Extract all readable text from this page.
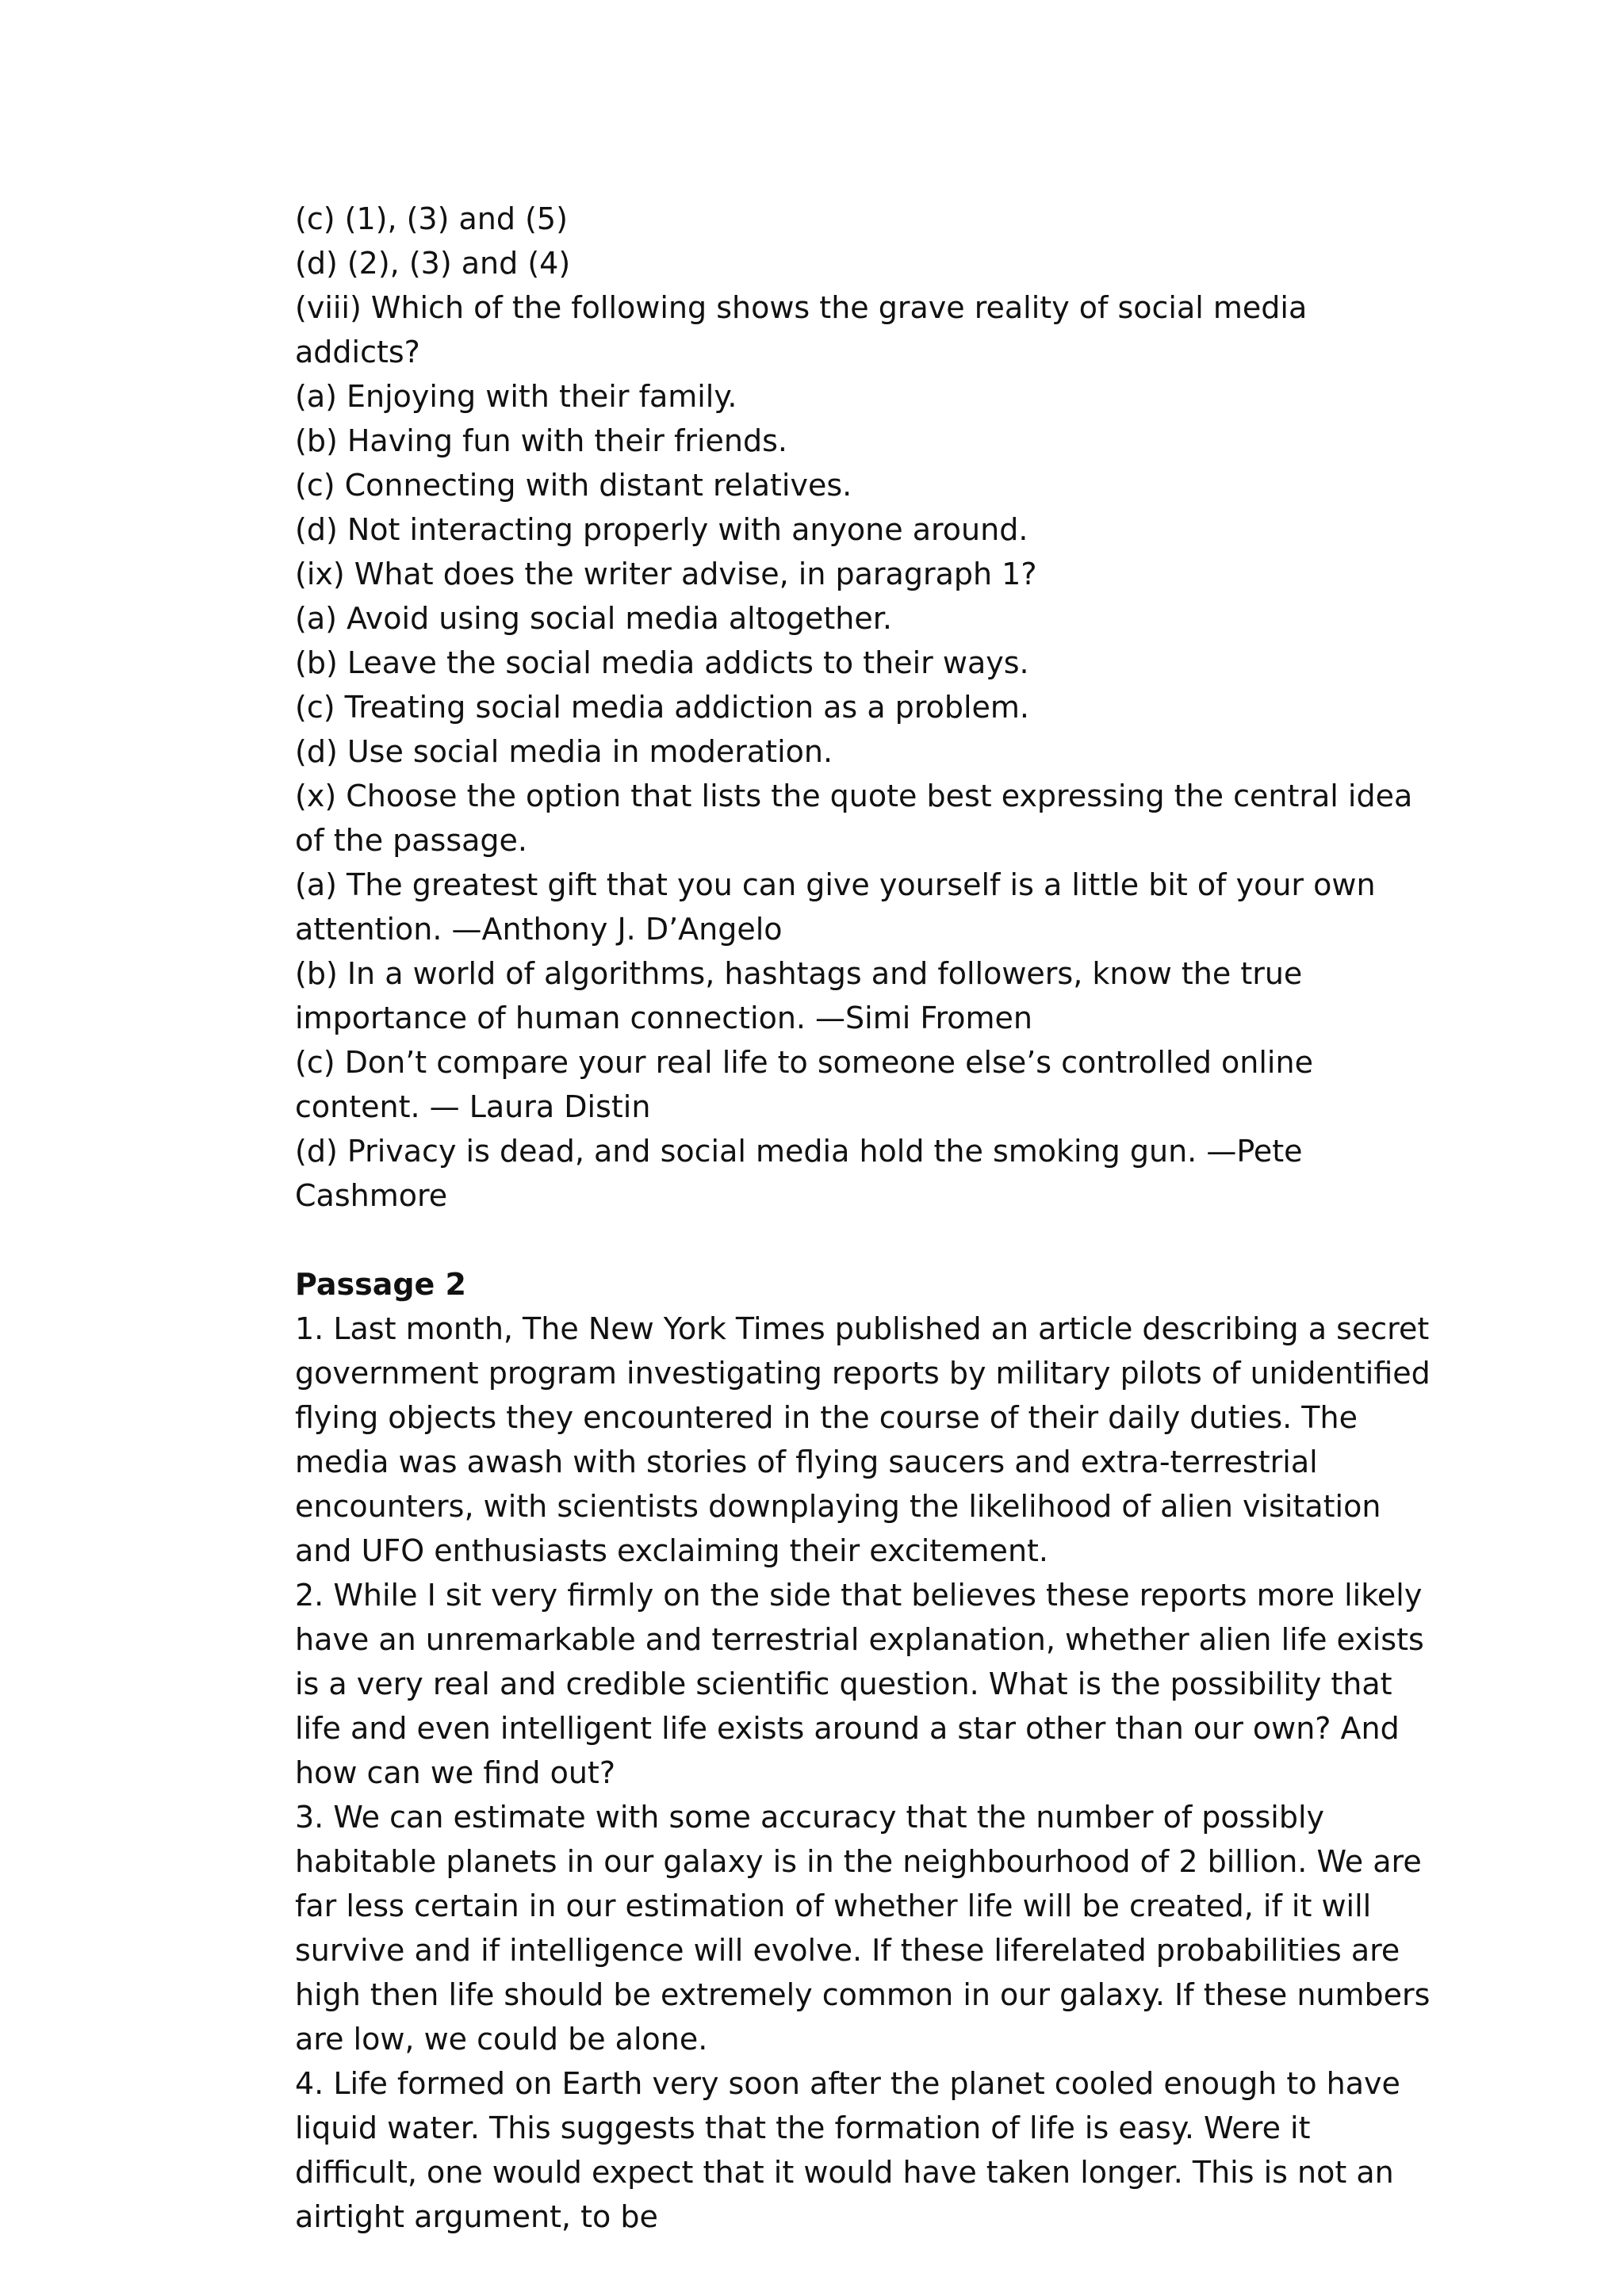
(c) (1), (3) and (5)

(d) (2), (3) and (4)

(viii) Which of the following shows the grave reality of social media addicts?

(a) Enjoying with their family.

(b) Having fun with their friends.

(c) Connecting with distant relatives.

(d) Not interacting properly with anyone around.

(ix) What does the writer advise, in paragraph 1?

(a) Avoid using social media altogether.

(b) Leave the social media addicts to their ways.

(c) Treating social media addiction as a problem.

(d) Use social media in moderation.

(x) Choose the option that lists the quote best expressing the central idea of the passage.

(a) The greatest gift that you can give yourself is a little bit of your own attention. —Anthony J. D’Angelo

(b) In a world of algorithms, hashtags and followers, know the true importance of human connection. —Simi Fromen

(c) Don’t compare your real life to someone else’s controlled online content. — Laura Distin

(d) Privacy is dead, and social media hold the smoking gun. —Pete Cashmore

Passage 2

1. Last month, The New York Times published an article describing a secret government program investigating reports by military pilots of unidentified flying objects they encountered in the course of their daily duties. The media was awash with stories of flying saucers and extra-terrestrial encounters, with scientists downplaying the likelihood of alien visitation and UFO enthusiasts exclaiming their excitement.

2. While I sit very firmly on the side that believes these reports more likely have an unremarkable and terrestrial explanation, whether alien life exists is a very real and credible scientific question. What is the possibility that life and even intelligent life exists around a star other than our own? And how can we find out?

3. We can estimate with some accuracy that the number of possibly habitable planets in our galaxy is in the neighbourhood of 2 billion. We are far less certain in our estimation of whether life will be created, if it will survive and if intelligence will evolve. If these liferelated probabilities are high then life should be extremely common in our galaxy. If these numbers are low, we could be alone.

4. Life formed on Earth very soon after the planet cooled enough to have liquid water. This suggests that the formation of life is easy. Were it difficult, one would expect that it would have taken longer. This is not an airtight argument, to be
